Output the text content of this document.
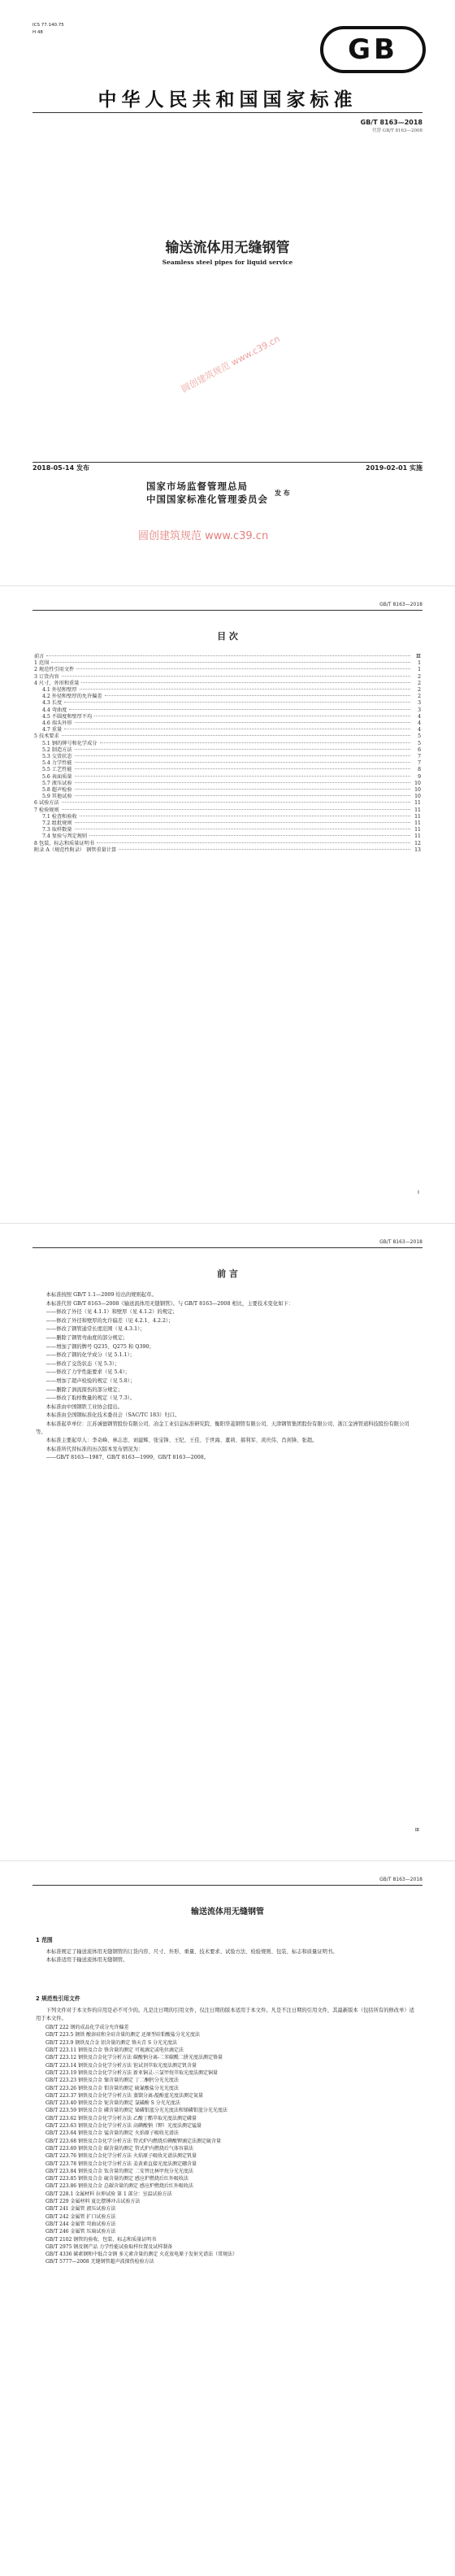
ICS 77.140.75
H 48
GB
中华人民共和国国家标准
GB/T 8163—2018
代替 GB/T 8163—2008
输送流体用无缝钢管
Seamless steel pipes for liquid service
圆创建筑规范 www.c39.cn
2018-05-14 发布	2019-02-01 实施
国家市场监督管理总局
中国国家标准化管理委员会
发 布
圆创建筑规范 www.c39.cn
GB/T 8163—2018
目 次
前言	Ⅲ
1 范围	1
2 规范性引用文件	1
3 订货内容	2
4 尺寸、外形和重量	2
4.1 外径和壁厚	2
4.2 外径和壁厚的允许偏差	2
4.3 长度	3
4.4 弯曲度	3
4.5 不圆度和壁厚不均	4
4.6 端头外形	4
4.7 重量	4
5 技术要求	5
5.1 钢的牌号和化学成分	5
5.2 制造方法	6
5.3 交货状态	7
5.4 力学性能	7
5.5 工艺性能	8
5.6 表面质量	9
5.7 液压试验	10
5.8 超声检验	10
5.9 其他试验	10
6 试验方法	11
7 检验规则	11
7.1 检查和验收	11
7.2 组批规则	11
7.3 取样数量	11
7.4 复验与判定规则	11
8 包装、标志和质量证明书	12
附录 A（规范性附录） 钢管重量计算	13
Ⅰ
GB/T 8163—2018
前 言
本标准按照 GB/T 1.1—2009 给出的规则起草。
本标准代替 GB/T 8163—2008《输送流体用无缝钢管》。与 GB/T 8163—2008 相比，主要技术变化如下：
——修改了外径（见 4.1.1）和壁厚（见 4.1.2）的规定；
——修改了外径和壁厚的允许偏差（见 4.2.1、4.2.2）；
——修改了钢管通常长度范围（见 4.3.1）；
——删除了钢管弯曲度的部分规定；
——增加了钢的牌号 Q235、Q275 和 Q390；
——修改了钢的化学成分（见 5.1.1）；
——修改了交货状态（见 5.3）；
——修改了力学性能要求（见 5.4）；
——增加了超声检验的规定（见 5.8）；
——删除了涡流探伤的部分规定；
——修改了取样数量的规定（见 7.3）。
本标准由中国钢铁工业协会提出。
本标准由全国钢标准化技术委员会（SAC/TC 183）归口。
本标准起草单位：江苏诚德钢管股份有限公司、冶金工业信息标准研究院、衡阳华菱钢管有限公司、天津钢管集团股份有限公司、浙江金洲管道科技股份有限公司等。
本标准主要起草人：李奇峰、林志忠、刘建辉、张宝锋、王纪、王佳、于世海、董莉、郝利军、黄庆伟、肖剑锋、张超。
本标准所代替标准的历次版本发布情况为：
——GB/T 8163—1987、GB/T 8163—1999、GB/T 8163—2008。
Ⅲ
GB/T 8163—2018
输送流体用无缝钢管
1 范围
本标准规定了输送流体用无缝钢管的订货内容、尺寸、外形、重量、技术要求、试验方法、检验规则、包装、标志和质量证明书。
本标准适用于输送流体用无缝钢管。
2 规范性引用文件
下列文件对于本文件的应用是必不可少的。凡是注日期的引用文件，仅注日期的版本适用于本文件。凡是不注日期的引用文件，其最新版本（包括所有的修改单）适用于本文件。
GB/T 222 钢的成品化学成分允许偏差
GB/T 223.5 钢铁 酸溶硅和全硅含量的测定 还原型硅钼酸盐分光光度法
GB/T 223.9 钢铁及合金 铝含量的测定 铬天青 S 分光光度法
GB/T 223.11 钢铁及合金 铬含量的测定 可视滴定或电位滴定法
GB/T 223.12 钢铁及合金化学分析方法 碳酸钠分离-二苯碳酰二肼光度法测定铬量
GB/T 223.14 钢铁及合金化学分析方法 钽试剂萃取光度法测定钒含量
GB/T 223.19 钢铁及合金化学分析方法 新亚铜灵-三氯甲烷萃取光度法测定铜量
GB/T 223.23 钢铁及合金 镍含量的测定 丁二酮肟分光光度法
GB/T 223.26 钢铁及合金 钼含量的测定 硫氰酸盐分光光度法
GB/T 223.37 钢铁及合金化学分析方法 蒸馏分离-靛酚蓝光度法测定氮量
GB/T 223.40 钢铁及合金 铌含量的测定 氯磺酚 S 分光光度法
GB/T 223.59 钢铁及合金 磷含量的测定 铋磷钼蓝分光光度法和锑磷钼蓝分光光度法
GB/T 223.62 钢铁及合金化学分析方法 乙酸丁酯萃取光度法测定磷量
GB/T 223.63 钢铁及合金化学分析方法 高碘酸钠（钾）光度法测定锰量
GB/T 223.64 钢铁及合金 锰含量的测定 火焰原子吸收光谱法
GB/T 223.68 钢铁及合金化学分析方法 管式炉内燃烧后碘酸钾滴定法测定硫含量
GB/T 223.69 钢铁及合金 碳含量的测定 管式炉内燃烧后气体容量法
GB/T 223.76 钢铁及合金化学分析方法 火焰原子吸收光谱法测定钒量
GB/T 223.78 钢铁及合金化学分析方法 姜黄素直接光度法测定硼含量
GB/T 223.84 钢铁及合金 钛含量的测定 二安替比林甲烷分光光度法
GB/T 223.85 钢铁及合金 硫含量的测定 感应炉燃烧后红外吸收法
GB/T 223.86 钢铁及合金 总碳含量的测定 感应炉燃烧后红外吸收法
GB/T 228.1 金属材料 拉伸试验 第 1 部分：室温试验方法
GB/T 229 金属材料 夏比摆锤冲击试验方法
GB/T 241 金属管 液压试验方法
GB/T 242 金属管 扩口试验方法
GB/T 244 金属管 弯曲试验方法
GB/T 246 金属管 压扁试验方法
GB/T 2102 钢管的验收、包装、标志和质量证明书
GB/T 2975 钢及钢产品 力学性能试验取样位置及试样制备
GB/T 4336 碳素钢和中低合金钢 多元素含量的测定 火花放电原子发射光谱法（常规法）
GB/T 5777—2008 无缝钢管超声波探伤检验方法
